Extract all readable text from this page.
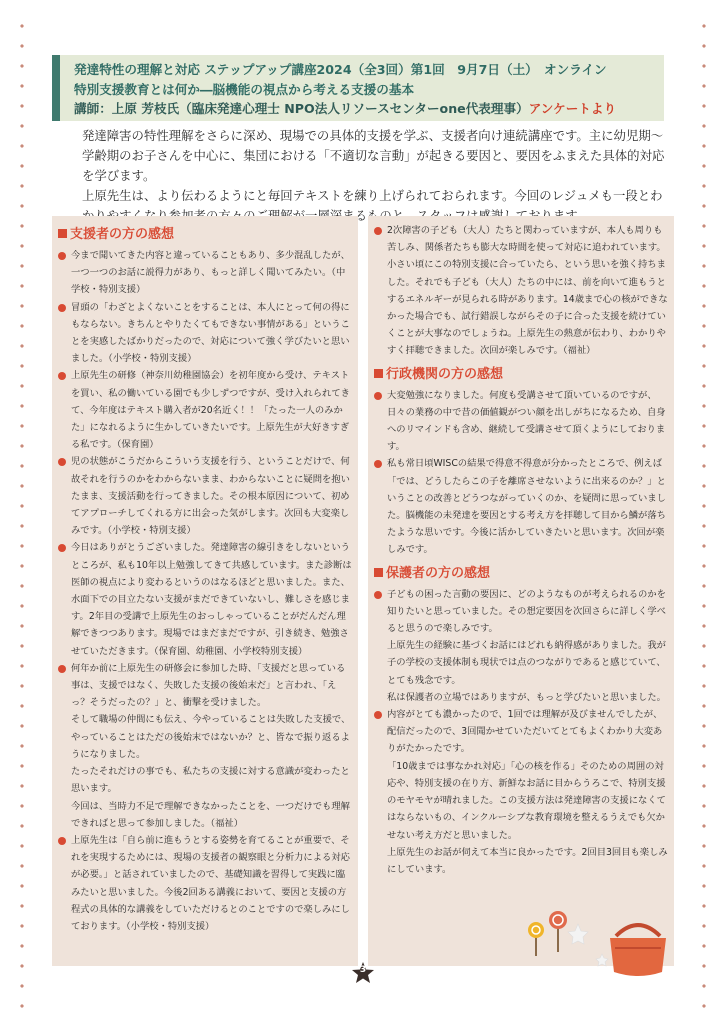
発達特性の理解と対応 ステップアップ講座2024（全3回）第1回　9月7日（土）　オンライン
特別支援教育とは何か―脳機能の視点から考える支援の基本
講師：上原 芳枝氏（臨床発達心理士 NPO法人リソースセンターone代表理事）アンケートより

発達障害の特性理解をさらに深め、現場での具体的支援を学ぶ、支援者向け連続講座です。主に幼児期～学齢期のお子さんを中心に、集団における「不適切な言動」が起きる要因と、要因をふまえた具体的対応を学びます。

上原先生は、より伝わるようにと毎回テキストを練り上げられておられます。今回のレジュメも一段とわ まるも

支援者の方の感想

今まで聞いてきた内容と違っていることもあり、多少混乱したが、一つ一つのお話に説得力があり、もっと詳しく聞いてみたい。（中学校・特別支援）

冒頭の「わざとよくないことをすることは、本人にとって何の得にもならない。きちんとやりたくてもできない事情がある」ということを実感したばかりだったので、対応について強く学びたいと思いました。（小学校・特別支援）

上原先生の研修（神奈川幼稚園協会）を初年度から受け、テキストを買い、私の働いている園でも少しずつですが、受け入れられてきて、今年度はテキスト購入者が20名近く！！「たった一人のみかた」になれるように生かしていきたいです。上原先生が大好きすぎる私です。（保育園）

児の状態がこうだからこういう支援を行う、ということだけで、何故それを行うのかをわからないまま、わからないことに疑問を抱いたまま、支援活動を行ってきました。その根本原因について、初めてアプローチしてくれる方に出会った気がします。次回も大変楽しみです。（小学校・特別支援）

今日はありがとうございました。発達障害の線引きをしないというところが、私も10年以上勉強してきて共感しています。また診断は医師の視点により変わるというのはなるほどと思いました。また、水面下での目立たない支援がまだできていないし、難しさを感じます。2年目の受講で上原先生のおっしゃっていることがだんだん理解できつつあります。現場ではまだまだですが、引き続き、勉強させていただきます。（保育園、幼稚園、小学校特別支援）

何年か前に上原先生の研修会に参加した時、「支援だと思っている事は、支援ではなく、失敗した支援の後始末だ」と言われ、「えっ？そうだったの？」と、衝撃を受けました。

そして職場の仲間にも伝え、今やっていることは失敗した支援で、やっていることはただの後始末ではないか？と、皆なで振り返るようになりました。

たったそれだけの事でも、私たちの支援に対する意識が変わったと思います。

今回は、当時力不足で理解できなかったことを、一つだけでも理解できればと思って参加しました。（福祉）

上原先生は「自ら前に進もうとする姿勢を育てることが重要で、それを実現するためには、現場の支援者の観察眼と分析力による対応が必要。」と話されていましたので、基礎知識を習得して実践に臨みたいと思いました。今後2回ある講義において、要因と支援の方程式の具体的な講義をしていただけるとのことですので楽しみにしております。（小学校・特別支援）

2次障害の子ども（大人）たちと関わっていますが、本人も周りも苦しみ、関係者たちも膨大な時間を使って対応に追われています。小さい頃にこの特別支援に合っていたら、という思いを強く持ちました。それでも子ども（大人）たちの中には、前を向いて進もうとするエネルギーが見られる時があります。14歳まで心の核ができなかった場合でも、試行錯誤しながらその子に合った支援を続けていくことが大事なのでしょうね。上原先生の熱意が伝わり、わかりやすく拝聴できました。次回が楽しみです。（福祉）

行政機関の方の感想

大変勉強になりました。何度も受講させて頂いているのですが、日々の業務の中で昔の価値観がつい顔を出しがちになるため、自身へのリマインドも含め、継続して受講させて頂くようにしております。

私も常日頃WISCの結果で得意不得意が分かったところで、例えば「では、どうしたらこの子を離席させないように出来るのか？」ということの改善とどうつながっていくのか、を疑問に思っていました。脳機能の未発達を要因とする考え方を拝聴して目から鱗が落ちたような思いです。今後に活かしていきたいと思います。次回が楽しみです。

保護者の方の感想

子どもの困った言動の要因に、どのようなものが考えられるのかを知りたいと思っていました。その想定要因を次回さらに詳しく学べると思うので楽しみです。

上原先生の経験に基づくお話にはどれも納得感がありました。我が子の学校の支援体制も現状では点のつながりであると感じていて、とても残念です。

私は保護者の立場ではありますが、もっと学びたいと思いました。

内容がとても濃かったので、1回では理解が及びませんでしたが、配信だったので、3回聞かせていただいてとてもよくわかり大変ありがたかったです。

「10歳までは事なかれ対応」「心の核を作る」そのための周囲の対応や、特別支援の在り方、新鮮なお話に目からうろこで、特別支援のモヤモヤが晴れました。この支援方法は発達障害の支援になくてはならないもの、インクルーシブな教育環境を整えるうえでも欠かせない考え方だと思いました。

上原先生のお話が伺えて本当に良かったです。2回目3回目も楽しみにしています。

3
